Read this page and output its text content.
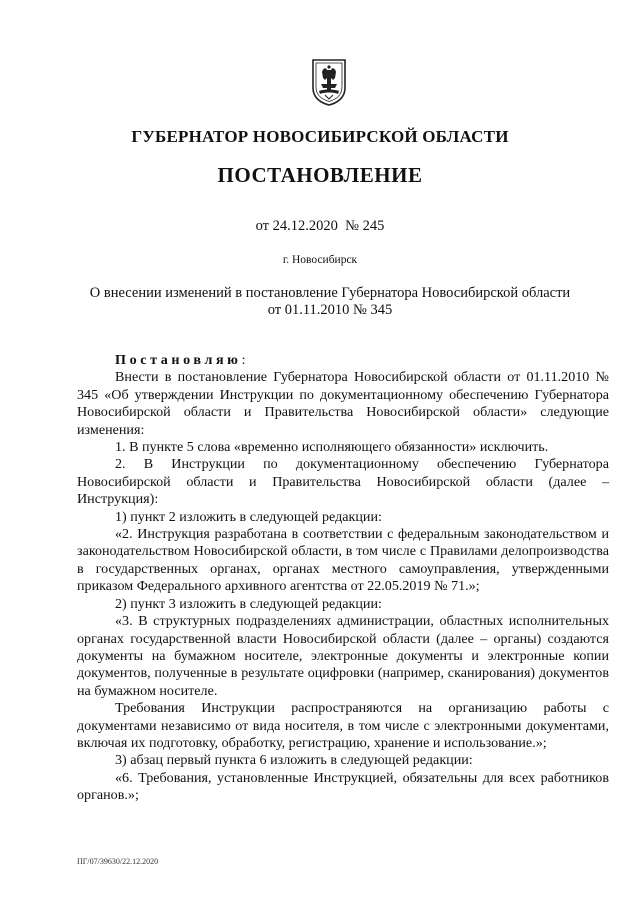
ГУБЕРНАТОР НОВОСИБИРСКОЙ ОБЛАСТИ
ПОСТАНОВЛЕНИЕ
от 24.12.2020  № 245
г. Новосибирск
О внесении изменений в постановление Губернатора Новосибирской области
от 01.11.2010 № 345

Постановляю:

Внести в постановление Губернатора Новосибирской области от 01.11.2010 № 345 «Об утверждении Инструкции по документационному обеспечению Губернатора Новосибирской области и Правительства Новосибирской области» следующие изменения:

1. В пункте 5 слова «временно исполняющего обязанности» исключить.

2. В Инструкции по документационному обеспечению Губернатора Новосибирской области и Правительства Новосибирской области (далее – Инструкция):

1) пункт 2 изложить в следующей редакции:

«2. Инструкция разработана в соответствии с федеральным законодательством и законодательством Новосибирской области, в том числе с Правилами делопроизводства в государственных органах, органах местного самоуправления, утвержденными приказом Федерального архивного агентства от 22.05.2019 № 71.»;

2) пункт 3 изложить в следующей редакции:

«3. В структурных подразделениях администрации, областных исполнительных органах государственной власти Новосибирской области (далее – органы) создаются документы на бумажном носителе, электронные документы и электронные копии документов, полученные в результате оцифровки (например, сканирования) документов на бумажном носителе.

Требования Инструкции распространяются на организацию работы с документами независимо от вида носителя, в том числе с электронными документами, включая их подготовку, обработку, регистрацию, хранение и использование.»;

3) абзац первый пункта 6 изложить в следующей редакции:

«6. Требования, установленные Инструкцией, обязательны для всех работников органов.»;

ПГ/07/39630/22.12.2020
